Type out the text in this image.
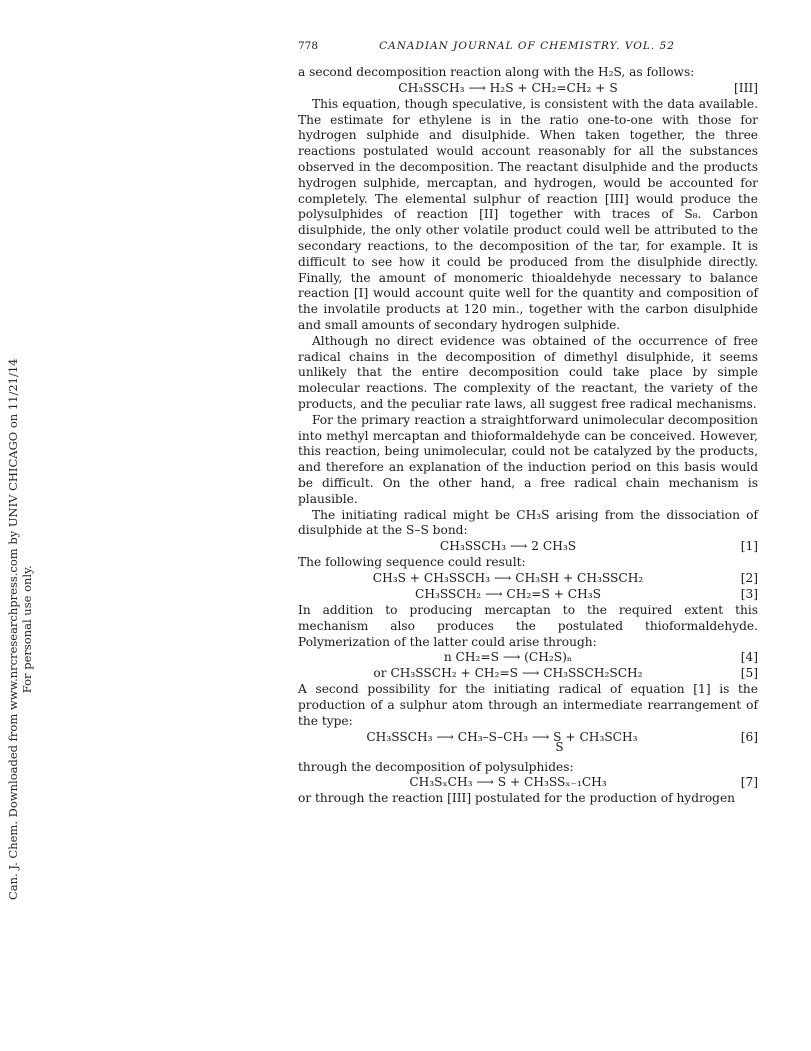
Can. J. Chem. Downloaded from www.nrcresearchpress.com by UNIV CHICAGO on 11/21/14 For personal use only.
778	CANADIAN JOURNAL OF CHEMISTRY. VOL. 52

a second decomposition reaction along with the H₂S, as follows:

CH₃SSCH₃ ⟶ H₂S + CH₂=CH₂ + S	[III]

This equation, though speculative, is consistent with the data available. The estimate for ethylene is in the ratio one-to-one with those for hydrogen sulphide and disulphide. When taken together, the three reactions postulated would account reasonably for all the substances observed in the decomposition. The reactant disulphide and the products hydrogen sulphide, mercaptan, and hydrogen, would be accounted for completely. The elemental sulphur of reaction [III] would produce the polysulphides of reaction [II] together with traces of S₈. Carbon disulphide, the only other volatile product could well be attributed to the secondary reactions, to the decomposition of the tar, for example. It is difficult to see how it could be produced from the disulphide directly. Finally, the amount of monomeric thioaldehyde necessary to balance reaction [I] would account quite well for the quantity and composition of the involatile products at 120 min., together with the carbon disulphide and small amounts of secondary hydrogen sulphide.

Although no direct evidence was obtained of the occurrence of free radical chains in the decomposition of dimethyl disulphide, it seems unlikely that the entire decomposition could take place by simple molecular reactions. The complexity of the reactant, the variety of the products, and the peculiar rate laws, all suggest free radical mechanisms.

For the primary reaction a straightforward unimolecular decomposition into methyl mercaptan and thioformaldehyde can be conceived. However, this reaction, being unimolecular, could not be catalyzed by the products, and therefore an explanation of the induction period on this basis would be difficult. On the other hand, a free radical chain mechanism is plausible.

The initiating radical might be CH₃S arising from the dissociation of disulphide at the S–S bond:

CH₃SSCH₃ ⟶ 2 CH₃S	[1]

The following sequence could result:

CH₃S + CH₃SSCH₃ ⟶ CH₃SH + CH₃SSCH₂	[2]
CH₃SSCH₂ ⟶ CH₂=S + CH₃S	[3]

In addition to producing mercaptan to the required extent this mechanism also produces the postulated thioformaldehyde. Polymerization of the latter could arise through:

n CH₂=S ⟶ (CH₂S)ₙ	[4]
or CH₃SSCH₂ + CH₂=S ⟶ CH₃SSCH₂SCH₂	[5]

A second possibility for the initiating radical of equation [1] is the production of a sulphur atom through an intermediate rearrangement of the type:

CH₃SSCH₃ ⟶ CH₃–S–CH₃ ⟶ S + CH₃SCH₃ S
[6]

through the decomposition of polysulphides:

CH₃SₓCH₃ ⟶ S + CH₃SSₓ₋₁CH₃	[7]

or through the reaction [III] postulated for the production of hydrogen
